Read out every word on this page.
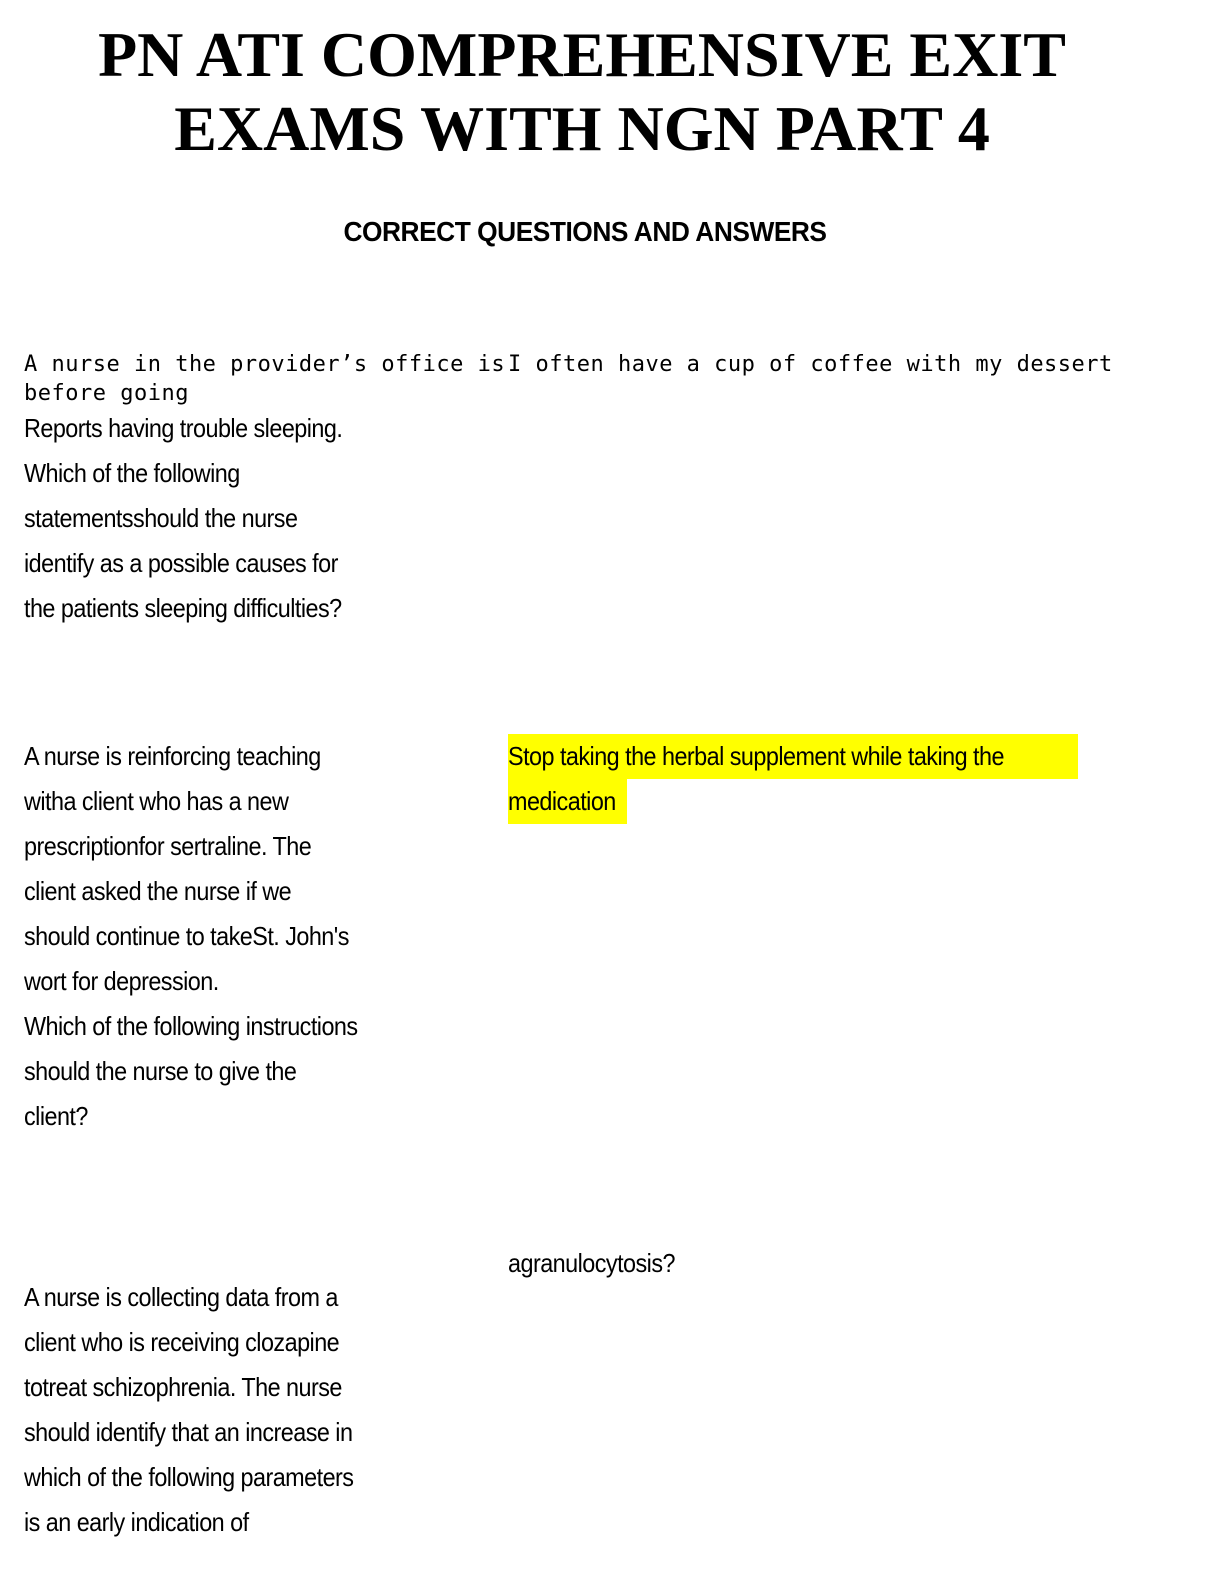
PN ATI COMPREHENSIVE EXIT
EXAMS WITH NGN PART 4
CORRECT QUESTIONS AND ANSWERS
A nurse in the provider’s office is
before going
Reports having trouble sleeping.
Which of the following
statementsshould the nurse
identify as a possible causes for
the patients sleeping difficulties?
I often have a cup of coffee with my dessert
A nurse is reinforcing teaching
witha client who has a new
prescriptionfor sertraline. The
client asked the nurse if we
should continue to takeSt. John's
wort for depression.
Which of the following instructions
should the nurse to give the
client?
Stop taking the herbal supplement while taking the
medication
agranulocytosis?
A nurse is collecting data from a
client who is receiving clozapine
totreat schizophrenia. The nurse
should identify that an increase in
which of the following parameters
is an early indication of
